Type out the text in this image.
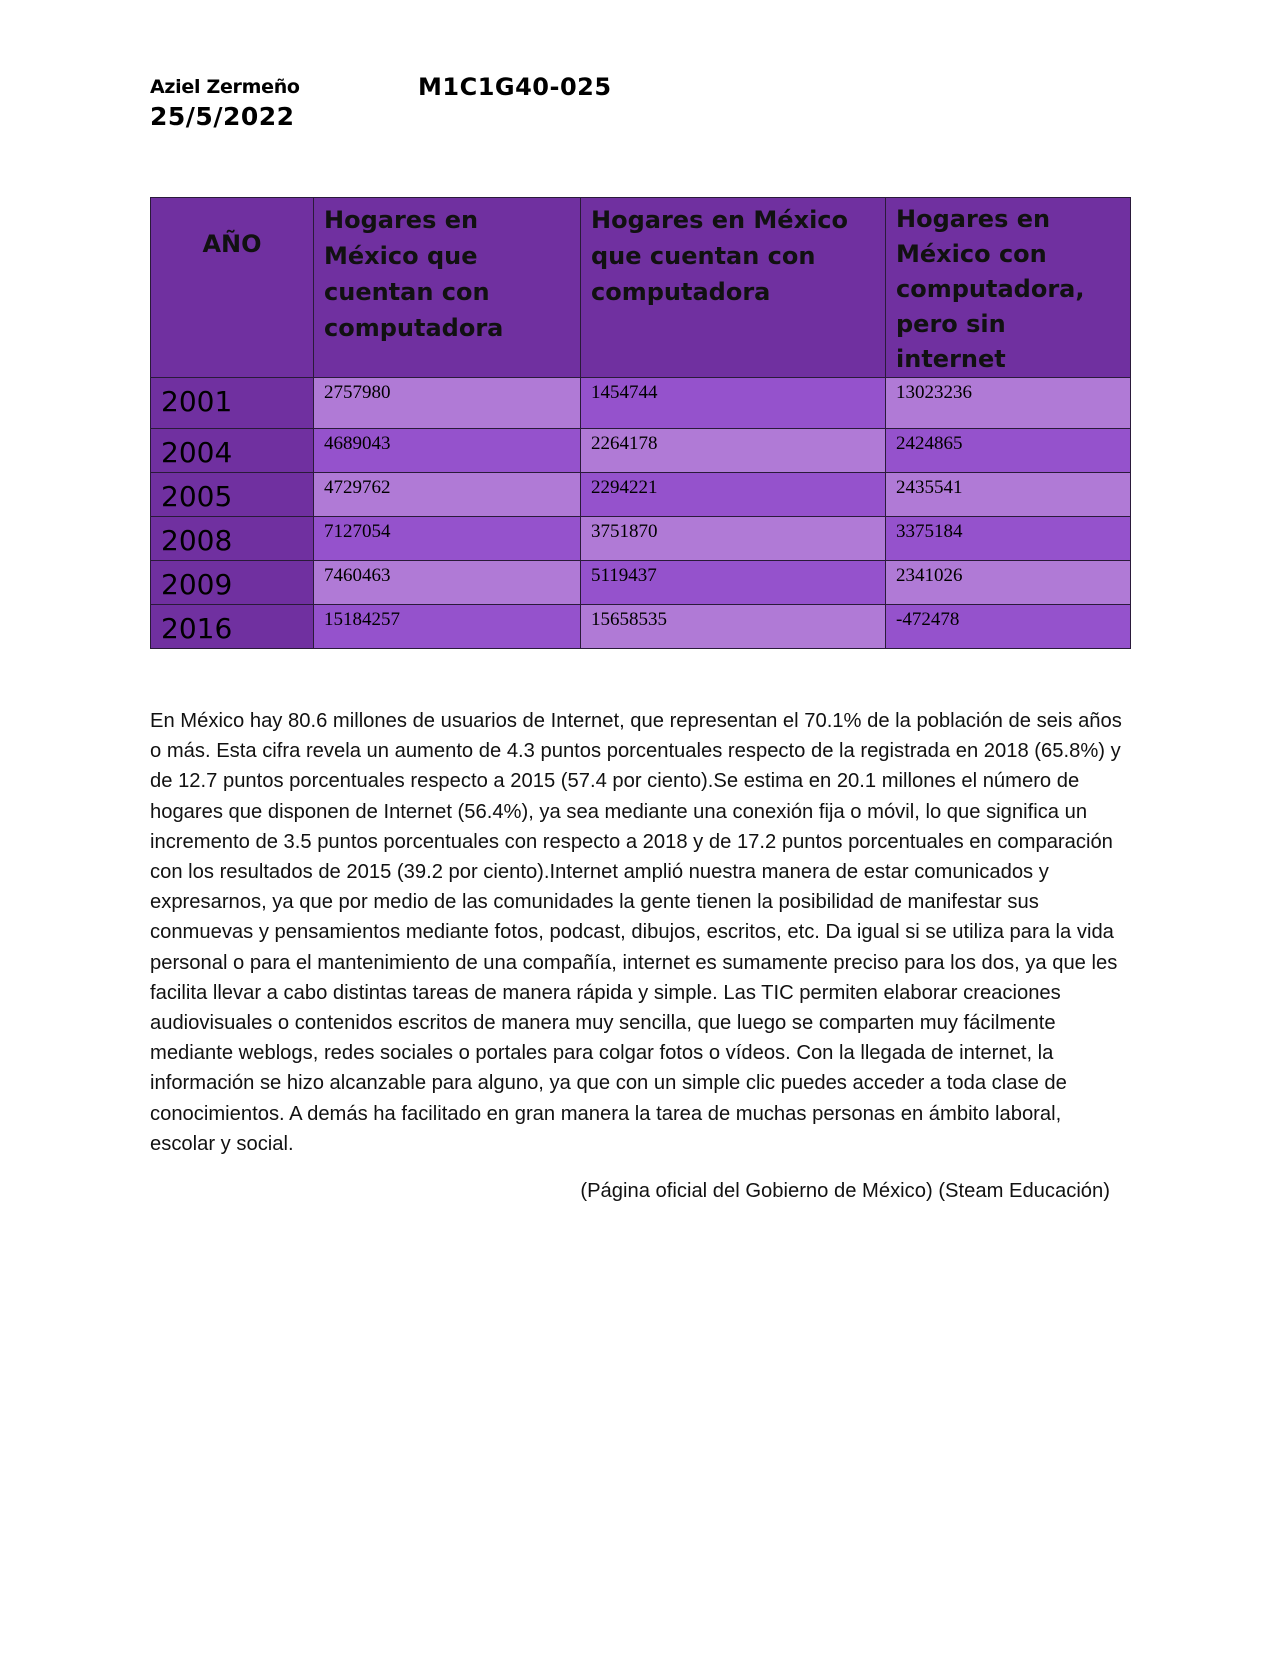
Aziel Zermeño
25/5/2022
M1C1G40-025
AÑO	Hogares en México que cuentan con computadora	Hogares en México que cuentan con computadora	Hogares en México con computadora, pero sin internet
2001	2757980	1454744	13023236
2004	4689043	2264178	2424865
2005	4729762	2294221	2435541
2008	7127054	3751870	3375184
2009	7460463	5119437	2341026
2016	15184257	15658535	-472478

En México hay 80.6 millones de usuarios de Internet, que representan el 70.1% de la población de seis años o más. Esta cifra revela un aumento de 4.3 puntos porcentuales respecto de la registrada en 2018 (65.8%) y de 12.7 puntos porcentuales respecto a 2015 (57.4 por ciento).Se estima en 20.1 millones el número de hogares que disponen de Internet (56.4%), ya sea mediante una conexión fija o móvil, lo que significa un incremento de 3.5 puntos porcentuales con respecto a 2018 y de 17.2 puntos porcentuales en comparación con los resultados de 2015 (39.2 por ciento).Internet amplió nuestra manera de estar comunicados y expresarnos, ya que por medio de las comunidades la gente tienen la posibilidad de manifestar sus conmuevas y pensamientos mediante fotos, podcast, dibujos, escritos, etc. Da igual si se utiliza para la vida personal o para el mantenimiento de una compañía, internet es sumamente preciso para los dos, ya que les facilita llevar a cabo distintas tareas de manera rápida y simple. Las TIC permiten elaborar creaciones audiovisuales o contenidos escritos de manera muy sencilla, que luego se comparten muy fácilmente mediante weblogs, redes sociales o portales para colgar fotos o vídeos. Con la llegada de internet, la información se hizo alcanzable para alguno, ya que con un simple clic puedes acceder a toda clase de conocimientos. A demás ha facilitado en gran manera la tarea de muchas personas en ámbito laboral, escolar y social.

(Página oficial del Gobierno de México) (Steam Educación)
